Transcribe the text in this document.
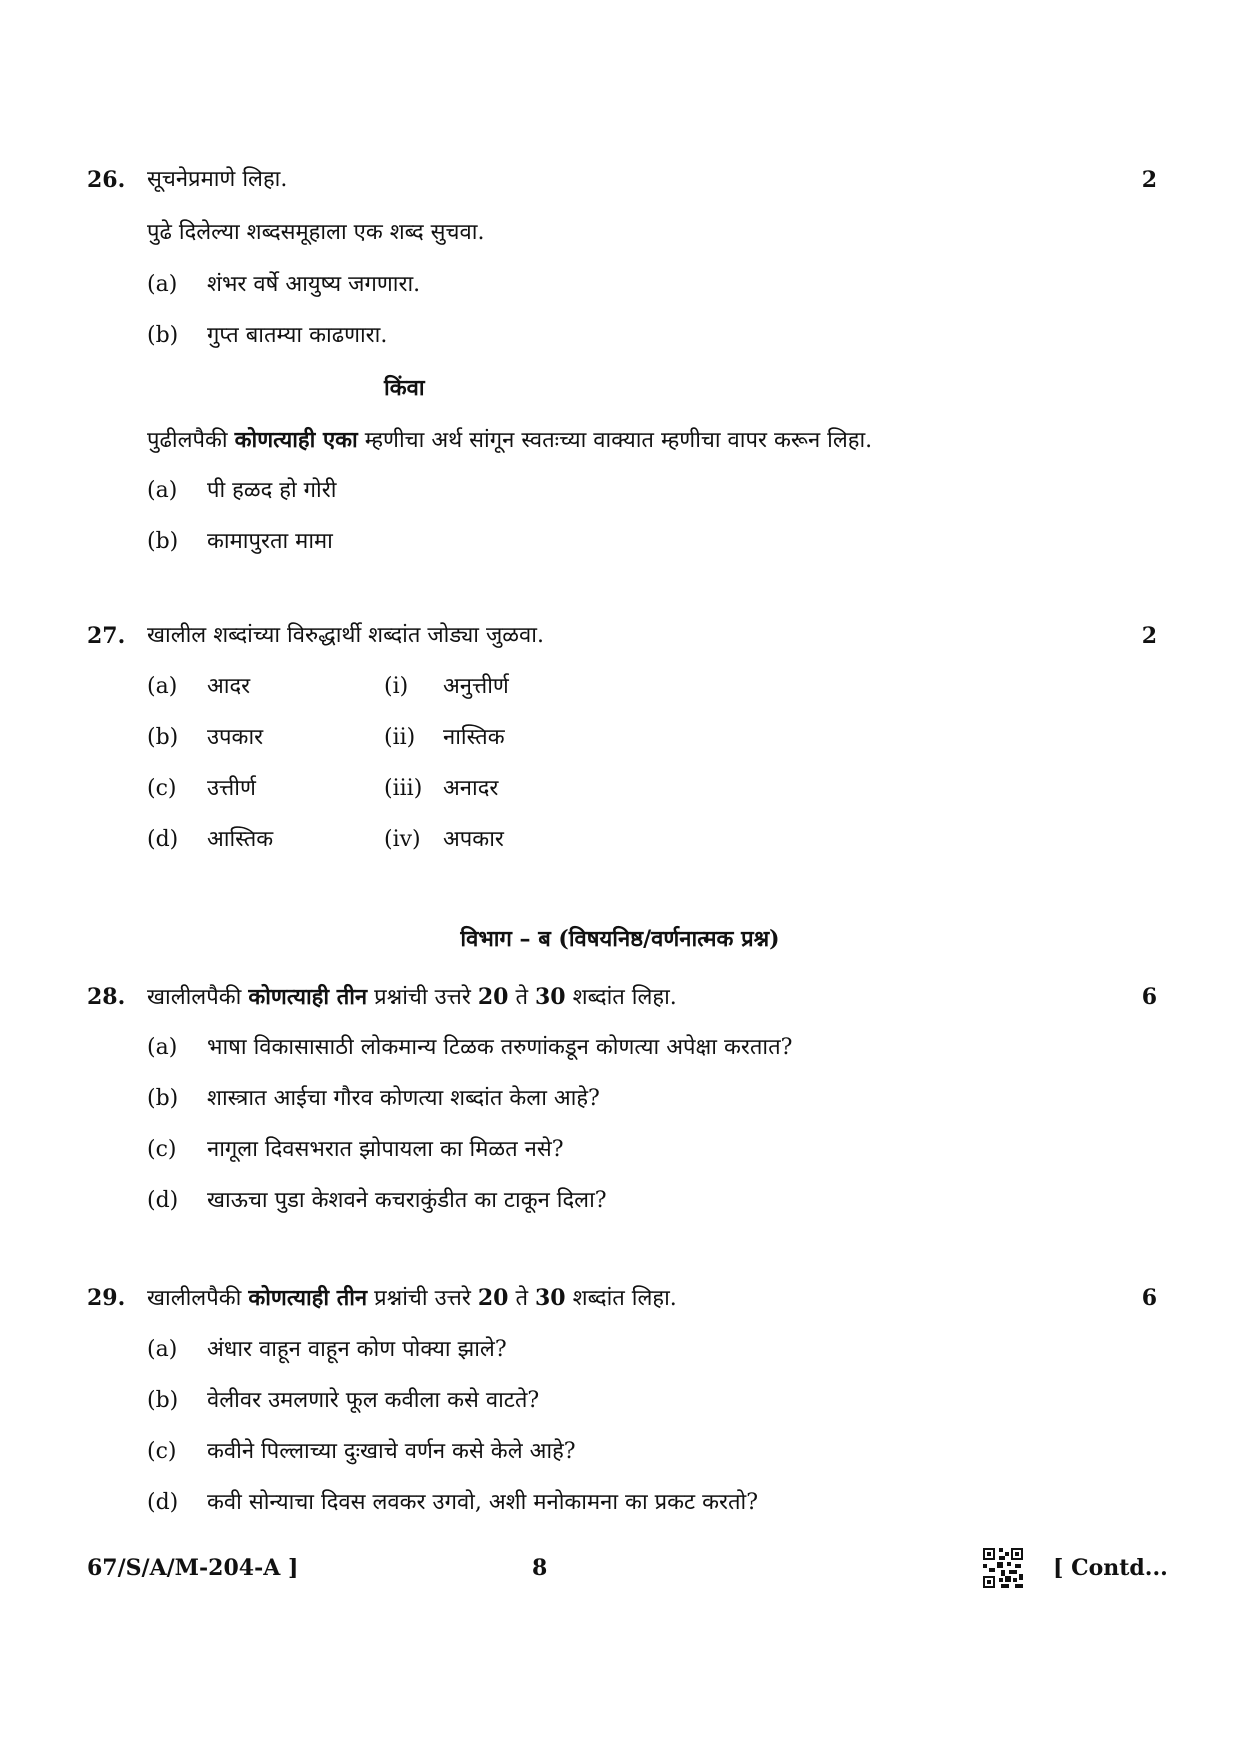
26. सूचनेप्रमाणे लिहा.	2
पुढे दिलेल्या शब्दसमूहाला एक शब्द सुचवा.
(a) शंभर वर्षे आयुष्य जगणारा.
(b) गुप्त बातम्या काढणारा.
किंवा
पुढीलपैकी कोणत्याही एका म्हणीचा अर्थ सांगून स्वतःच्या वाक्यात म्हणीचा वापर करून लिहा.
(a) पी हळद हो गोरी
(b) कामापुरता मामा
27. खालील शब्दांच्या विरुद्धार्थी शब्दांत जोड्या जुळवा.	2
(a) आदर	(i) अनुत्तीर्ण
(b) उपकार	(ii) नास्तिक
(c) उत्तीर्ण	(iii) अनादर
(d) आस्तिक	(iv) अपकार
विभाग – ब (विषयनिष्ठ/वर्णनात्मक प्रश्न)
28. खालीलपैकी कोणत्याही तीन प्रश्नांची उत्तरे 20 ते 30 शब्दांत लिहा.	6
(a) भाषा विकासासाठी लोकमान्य टिळक तरुणांकडून कोणत्या अपेक्षा करतात?
(b) शास्त्रात आईचा गौरव कोणत्या शब्दांत केला आहे?
(c) नागूला दिवसभरात झोपायला का मिळत नसे?
(d) खाऊचा पुडा केशवने कचराकुंडीत का टाकून दिला?
29. खालीलपैकी कोणत्याही तीन प्रश्नांची उत्तरे 20 ते 30 शब्दांत लिहा.	6
(a) अंधार वाहून वाहून कोण पोक्या झाले?
(b) वेलीवर उमलणारे फूल कवीला कसे वाटते?
(c) कवीने पिल्लाच्या दुःखाचे वर्णन कसे केले आहे?
(d) कवी सोन्याचा दिवस लवकर उगवो, अशी मनोकामना का प्रकट करतो?
67/S/A/M-204-A ]	8	[ Contd...
